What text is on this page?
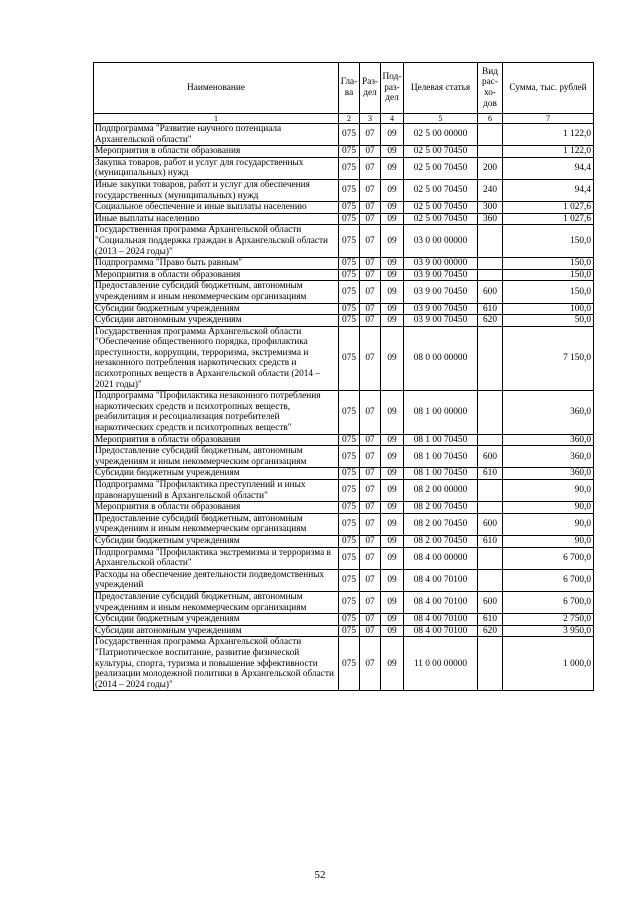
Наименование	Гла-ва	Раз-дел	Под-раз-дел	Целевая статья	Вид рас-хо-дов	Сумма, тыс. рублей
1	2	3	4	5	6	7
Подпрограмма "Развитие научного потенциала Архангельской области"	075	07	09	02 5 00 00000		1 122,0
Мероприятия в области образования	075	07	09	02 5 00 70450		1 122,0
Закупка товаров, работ и услуг для государственных (муниципальных) нужд	075	07	09	02 5 00 70450	200	94,4
Иные закупки товаров, работ и услуг для обеспечения государственных (муниципальных) нужд	075	07	09	02 5 00 70450	240	94,4
Социальное обеспечение и иные выплаты населению	075	07	09	02 5 00 70450	300	1 027,6
Иные выплаты населению	075	07	09	02 5 00 70450	360	1 027,6
Государственная программа Архангельской области "Социальная поддержка граждан в Архангельской области (2013 – 2024 годы)"	075	07	09	03 0 00 00000		150,0
Подпрограмма "Право быть равным"	075	07	09	03 9 00 00000		150,0
Мероприятия в области образования	075	07	09	03 9 00 70450		150,0
Предоставление субсидий бюджетным, автономным учреждениям и иным некоммерческим организациям	075	07	09	03 9 00 70450	600	150,0
Субсидии бюджетным учреждениям	075	07	09	03 9 00 70450	610	100,0
Субсидии автономным учреждениям	075	07	09	03 9 00 70450	620	50,0
Государственная программа Архангельской области "Обеспечение общественного порядка, профилактика преступности, коррупции, терроризма, экстремизма и незаконного потребления наркотических средств и психотропных веществ в Архангельской области (2014 – 2021 годы)"	075	07	09	08 0 00 00000		7 150,0
Подпрограмма "Профилактика незаконного потребления наркотических средств и психотропных веществ, реабилитация и ресоциализация потребителей наркотических средств и психотропных веществ"	075	07	09	08 1 00 00000		360,0
Мероприятия в области образования	075	07	09	08 1 00 70450		360,0
Предоставление субсидий бюджетным, автономным учреждениям и иным некоммерческим организациям	075	07	09	08 1 00 70450	600	360,0
Субсидии бюджетным учреждениям	075	07	09	08 1 00 70450	610	360,0
Подпрограмма "Профилактика преступлений и иных правонарушений в Архангельской области"	075	07	09	08 2 00 00000		90,0
Мероприятия в области образования	075	07	09	08 2 00 70450		90,0
Предоставление субсидий бюджетным, автономным учреждениям и иным некоммерческим организациям	075	07	09	08 2 00 70450	600	90,0
Субсидии бюджетным учреждениям	075	07	09	08 2 00 70450	610	90,0
Подпрограмма "Профилактика экстремизма и терроризма в Архангельской области"	075	07	09	08 4 00 00000		6 700,0
Расходы на обеспечение деятельности подведомственных учреждений	075	07	09	08 4 00 70100		6 700,0
Предоставление субсидий бюджетным, автономным учреждениям и иным некоммерческим организациям	075	07	09	08 4 00 70100	600	6 700,0
Субсидии бюджетным учреждениям	075	07	09	08 4 00 70100	610	2 750,0
Субсидии автономным учреждениям	075	07	09	08 4 00 70100	620	3 950,0
Государственная программа Архангельской области "Патриотическое воспитание, развитие физической культуры, спорта, туризма и повышение эффективности реализации молодежной политики в Архангельской области (2014 – 2024 годы)"	075	07	09	11 0 00 00000		1 000,0
52
